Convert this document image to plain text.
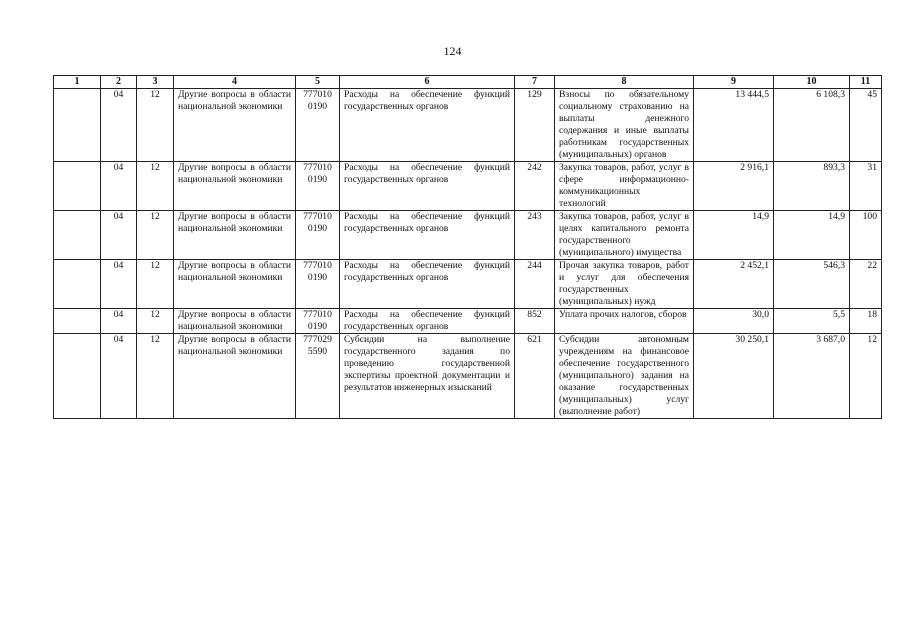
124
1	2	3	4	5	6	7	8	9	10	11
	04	12	Другие вопросы в области национальной экономики	777010 0190	Расходы на обеспечение функций государственных органов	129	Взносы по обязательному социальному страхованию на выплаты денежного содержания и иные выплаты работникам государственных (муниципальных) органов	13 444,5	6 108,3	45
	04	12	Другие вопросы в области национальной экономики	777010 0190	Расходы на обеспечение функций государственных органов	242	Закупка товаров, работ, услуг в сфере информационно-коммуникационных технологий	2 916,1	893,3	31
	04	12	Другие вопросы в области национальной экономики	777010 0190	Расходы на обеспечение функций государственных органов	243	Закупка товаров, работ, услуг в целях капитального ремонта государственного (муниципального) имущества	14,9	14,9	100
	04	12	Другие вопросы в области национальной экономики	777010 0190	Расходы на обеспечение функций государственных органов	244	Прочая закупка товаров, работ и услуг для обеспечения государственных (муниципальных) нужд	2 452,1	546,3	22
	04	12	Другие вопросы в области национальной экономики	777010 0190	Расходы на обеспечение функций государственных органов	852	Уплата прочих налогов, сборов	30,0	5,5	18
	04	12	Другие вопросы в области национальной экономики	777029 5590	Субсидии на выполнение государственного задания по проведению государственной экспертизы проектной документации и результатов инженерных изысканий	621	Субсидии автономным учреждениям на финансовое обеспечение государственного (муниципального) задания на оказание государственных (муниципальных) услуг (выполнение работ)	30 250,1	3 687,0	12
